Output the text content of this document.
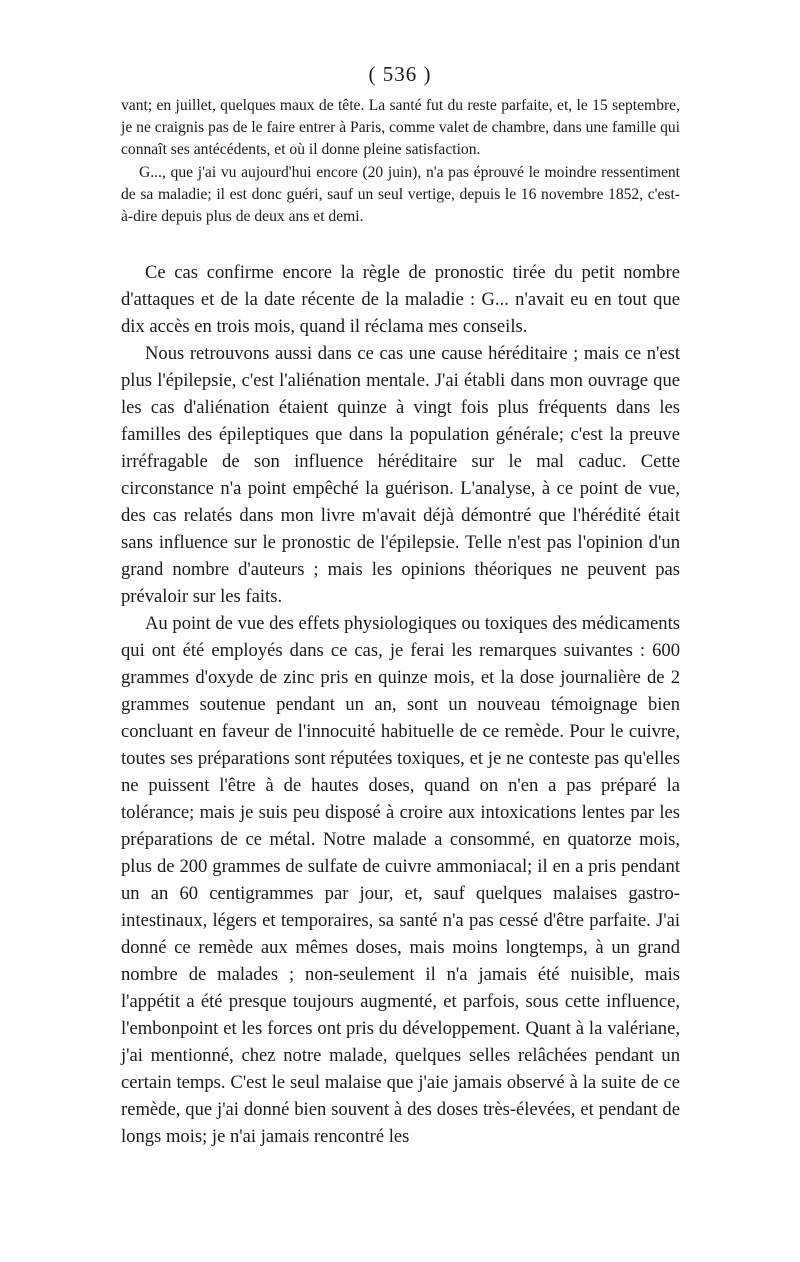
( 536 )

vant; en juillet, quelques maux de tête. La santé fut du reste parfaite, et, le 15 septembre, je ne craignis pas de le faire entrer à Paris, comme valet de chambre, dans une famille qui connaît ses antécédents, et où il donne pleine satisfaction.

G..., que j'ai vu aujourd'hui encore (20 juin), n'a pas éprouvé le moindre ressentiment de sa maladie; il est donc guéri, sauf un seul vertige, depuis le 16 novembre 1852, c'est-à-dire depuis plus de deux ans et demi.

Ce cas confirme encore la règle de pronostic tirée du petit nombre d'attaques et de la date récente de la maladie : G... n'avait eu en tout que dix accès en trois mois, quand il réclama mes conseils.

Nous retrouvons aussi dans ce cas une cause héréditaire ; mais ce n'est plus l'épilepsie, c'est l'aliénation mentale. J'ai établi dans mon ouvrage que les cas d'aliénation étaient quinze à vingt fois plus fréquents dans les familles des épileptiques que dans la population générale; c'est la preuve irréfragable de son influence héréditaire sur le mal caduc. Cette circonstance n'a point empêché la guérison. L'analyse, à ce point de vue, des cas relatés dans mon livre m'avait déjà démontré que l'hérédité était sans influence sur le pronostic de l'épilepsie. Telle n'est pas l'opinion d'un grand nombre d'auteurs ; mais les opinions théoriques ne peuvent pas prévaloir sur les faits.

Au point de vue des effets physiologiques ou toxiques des médicaments qui ont été employés dans ce cas, je ferai les remarques suivantes : 600 grammes d'oxyde de zinc pris en quinze mois, et la dose journalière de 2 grammes soutenue pendant un an, sont un nouveau témoignage bien concluant en faveur de l'innocuité habituelle de ce remède. Pour le cuivre, toutes ses préparations sont réputées toxiques, et je ne conteste pas qu'elles ne puissent l'être à de hautes doses, quand on n'en a pas préparé la tolérance; mais je suis peu disposé à croire aux intoxications lentes par les préparations de ce métal. Notre malade a consommé, en quatorze mois, plus de 200 grammes de sulfate de cuivre ammoniacal; il en a pris pendant un an 60 centigrammes par jour, et, sauf quelques malaises gastro-intestinaux, légers et temporaires, sa santé n'a pas cessé d'être parfaite. J'ai donné ce remède aux mêmes doses, mais moins longtemps, à un grand nombre de malades ; non-seulement il n'a jamais été nuisible, mais l'appétit a été presque toujours augmenté, et parfois, sous cette influence, l'embonpoint et les forces ont pris du développement. Quant à la valériane, j'ai mentionné, chez notre malade, quelques selles relâchées pendant un certain temps. C'est le seul malaise que j'aie jamais observé à la suite de ce remède, que j'ai donné bien souvent à des doses très-élevées, et pendant de longs mois; je n'ai jamais rencontré les
